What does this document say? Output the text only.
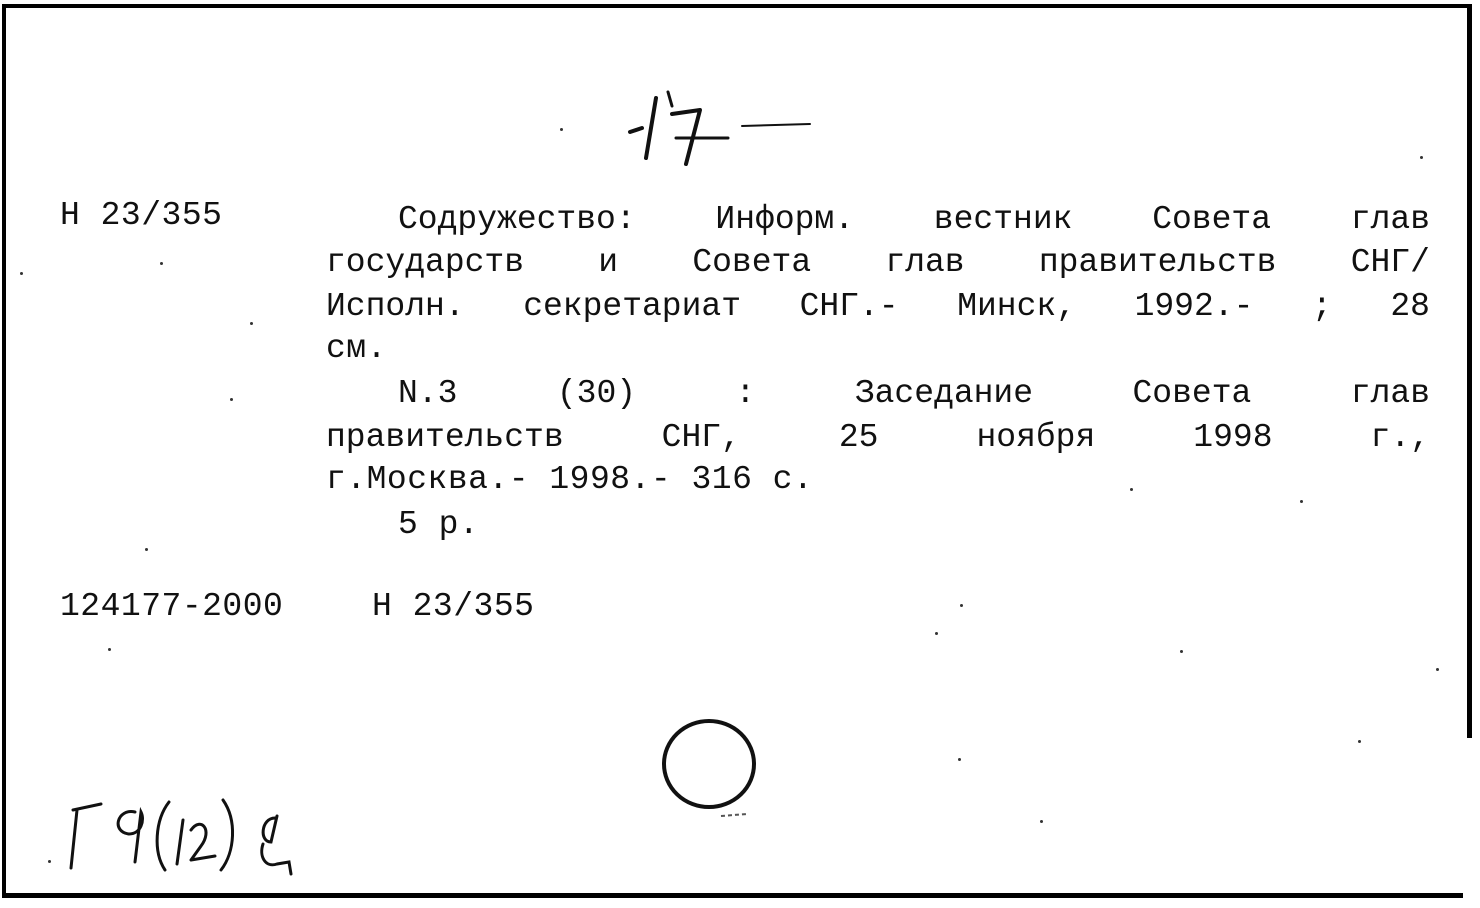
Н 23/355	Содружество: Информ. вестник Совета глав
государств и Совета глав правительств СНГ/
Исполн. секретариат СНГ.- Минск, 1992.- ; 28
см.
N.3	(30)	:	Заседание	Совета	глав
правительств	СНГ,	25	ноября	1998	г.,
г.Москва.- 1998.- 316 с.
5 р.
124177-2000	Н 23/355
